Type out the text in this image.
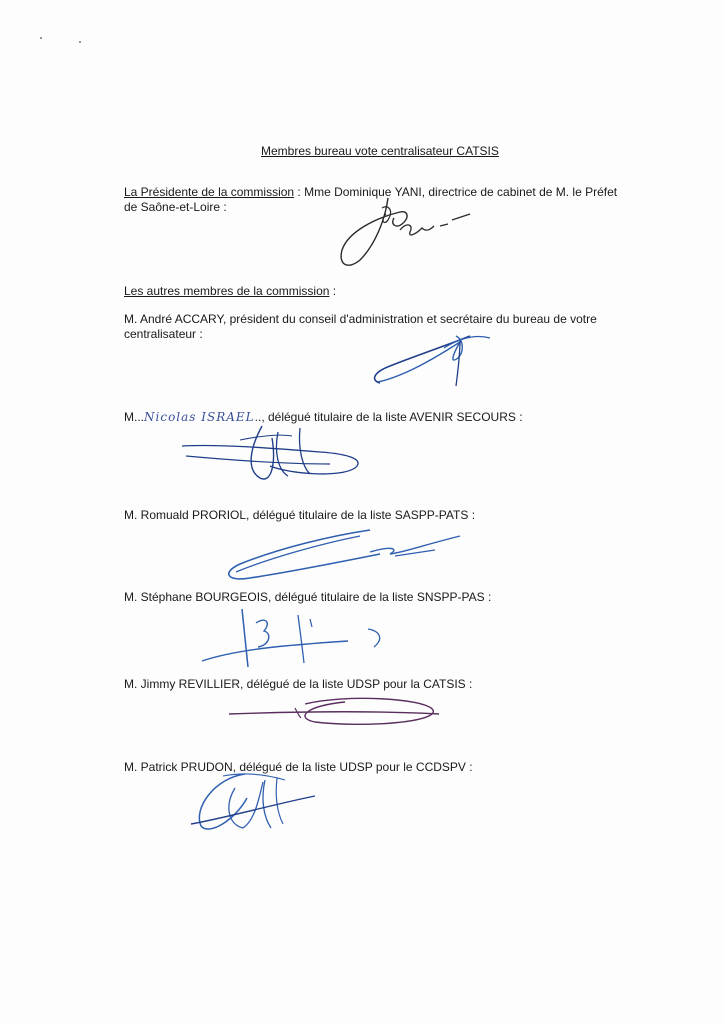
Membres bureau vote centralisateur CATSIS
La Présidente de la commission : Mme Dominique YANI, directrice de cabinet de M. le Préfet
de Saône-et-Loire :
Les autres membres de la commission :
M. André ACCARY, président du conseil d'administration et secrétaire du bureau de votre
centralisateur :
M...Nicolas ISRAEL.., délégué titulaire de la liste AVENIR SECOURS :
M. Romuald PRORIOL, délégué titulaire de la liste SASPP-PATS :
M. Stéphane BOURGEOIS, délégué titulaire de la liste SNSPP-PAS :
M. Jimmy REVILLIER, délégué de la liste UDSP pour la CATSIS :
M. Patrick PRUDON, délégué de la liste UDSP pour le CCDSPV :
